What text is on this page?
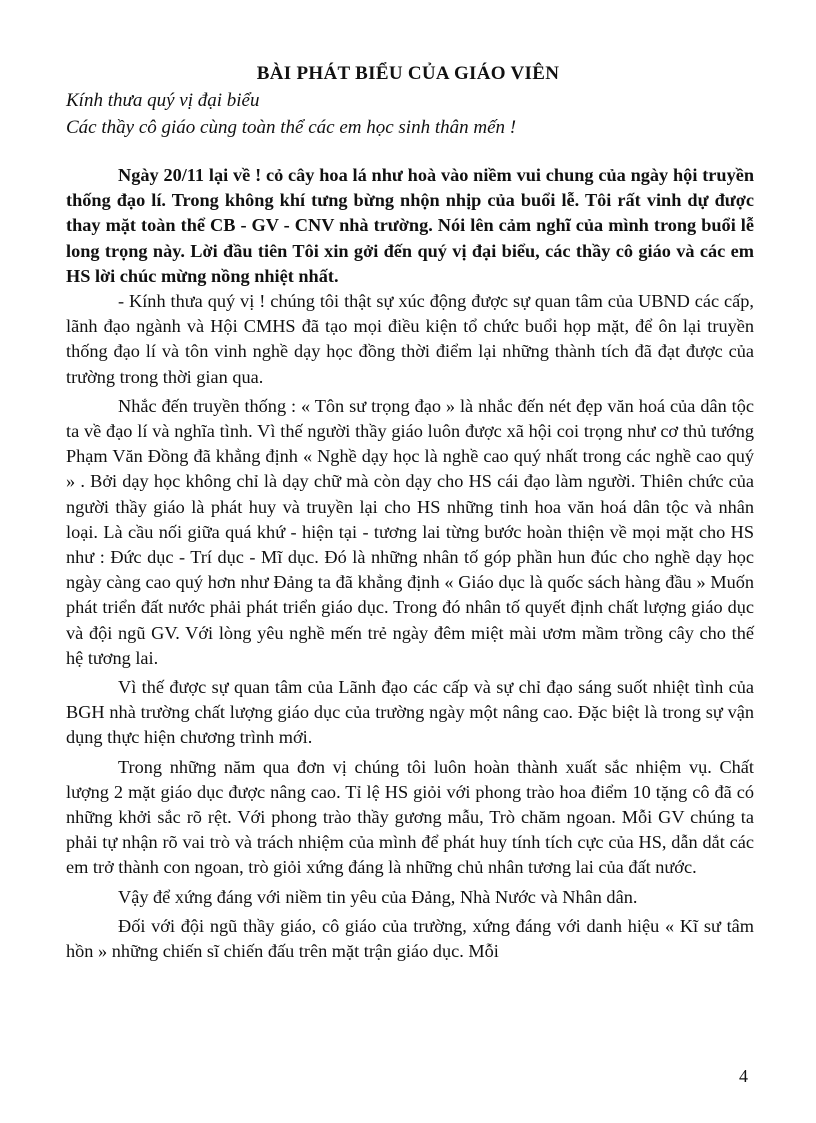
BÀI PHÁT BIỂU CỦA GIÁO VIÊN
Kính thưa quý vị đại biểu
Các thầy cô giáo cùng toàn thể các em học sinh thân mến !

Ngày 20/11 lại về ! cỏ cây hoa lá như hoà vào niềm vui chung của ngày hội truyền thống đạo lí. Trong không khí tưng bừng nhộn nhịp của buổi lễ. Tôi rất vinh dự được thay mặt toàn thể CB - GV - CNV nhà trường. Nói lên cảm nghĩ của mình trong buổi lễ long trọng này. Lời đầu tiên Tôi xin gởi đến quý vị đại biểu, các thầy cô giáo và các em HS lời chúc mừng nồng nhiệt nhất.

- Kính thưa quý vị ! chúng tôi thật sự xúc động được sự quan tâm của UBND các cấp, lãnh đạo ngành và Hội CMHS đã tạo mọi điều kiện tổ chức buổi họp mặt, để ôn lại truyền thống đạo lí và tôn vinh nghề dạy học đồng thời điểm lại những thành tích đã đạt được của trường trong thời gian qua.

Nhắc đến truyền thống : « Tôn sư trọng đạo » là nhắc đến nét đẹp văn hoá của dân tộc ta về đạo lí và nghĩa tình. Vì thế người thầy giáo luôn được xã hội coi trọng như cơ thủ tướng Phạm Văn Đồng đã khẳng định « Nghề dạy học là nghề cao quý nhất trong các nghề cao quý » . Bởi dạy học không chỉ là dạy chữ mà còn dạy cho HS cái đạo làm người. Thiên chức của người thầy giáo là phát huy và truyền lại cho HS những tinh hoa văn hoá dân tộc và nhân loại. Là cầu nối giữa quá khứ - hiện tại - tương lai từng bước hoàn thiện về mọi mặt cho HS như : Đức dục - Trí dục - Mĩ dục. Đó là những nhân tố góp phần hun đúc cho nghề dạy học ngày càng cao quý hơn như Đảng ta đã khẳng định « Giáo dục là quốc sách hàng đầu » Muốn phát triển đất nước phải phát triển giáo dục. Trong đó nhân tố quyết định chất lượng giáo dục và đội ngũ GV. Với lòng yêu nghề mến trẻ ngày đêm miệt mài ươm mầm trồng cây cho thế hệ tương lai.

Vì thế được sự quan tâm của Lãnh đạo các cấp và sự chỉ đạo sáng suốt nhiệt tình của BGH nhà trường chất lượng giáo dục của trường ngày một nâng cao. Đặc biệt là trong sự vận dụng thực hiện chương trình mới.

Trong những năm qua đơn vị chúng tôi luôn hoàn thành xuất sắc nhiệm vụ. Chất lượng 2 mặt giáo dục được nâng cao. Tỉ lệ HS giỏi với phong trào hoa điểm 10 tặng cô đã có những khởi sắc rõ rệt. Với phong trào thầy gương mẫu, Trò chăm ngoan. Mỗi GV chúng ta phải tự nhận rõ vai trò và trách nhiệm của mình để phát huy tính tích cực của HS, dẫn dắt các em trở thành con ngoan, trò giỏi xứng đáng là những chủ nhân tương lai của đất nước.

Vậy để xứng đáng với niềm tin yêu của Đảng, Nhà Nước và Nhân dân.

Đối với đội ngũ thầy giáo, cô giáo của trường, xứng đáng với danh hiệu « Kĩ sư tâm hồn » những chiến sĩ chiến đấu trên mặt trận giáo dục. Mỗi

4
